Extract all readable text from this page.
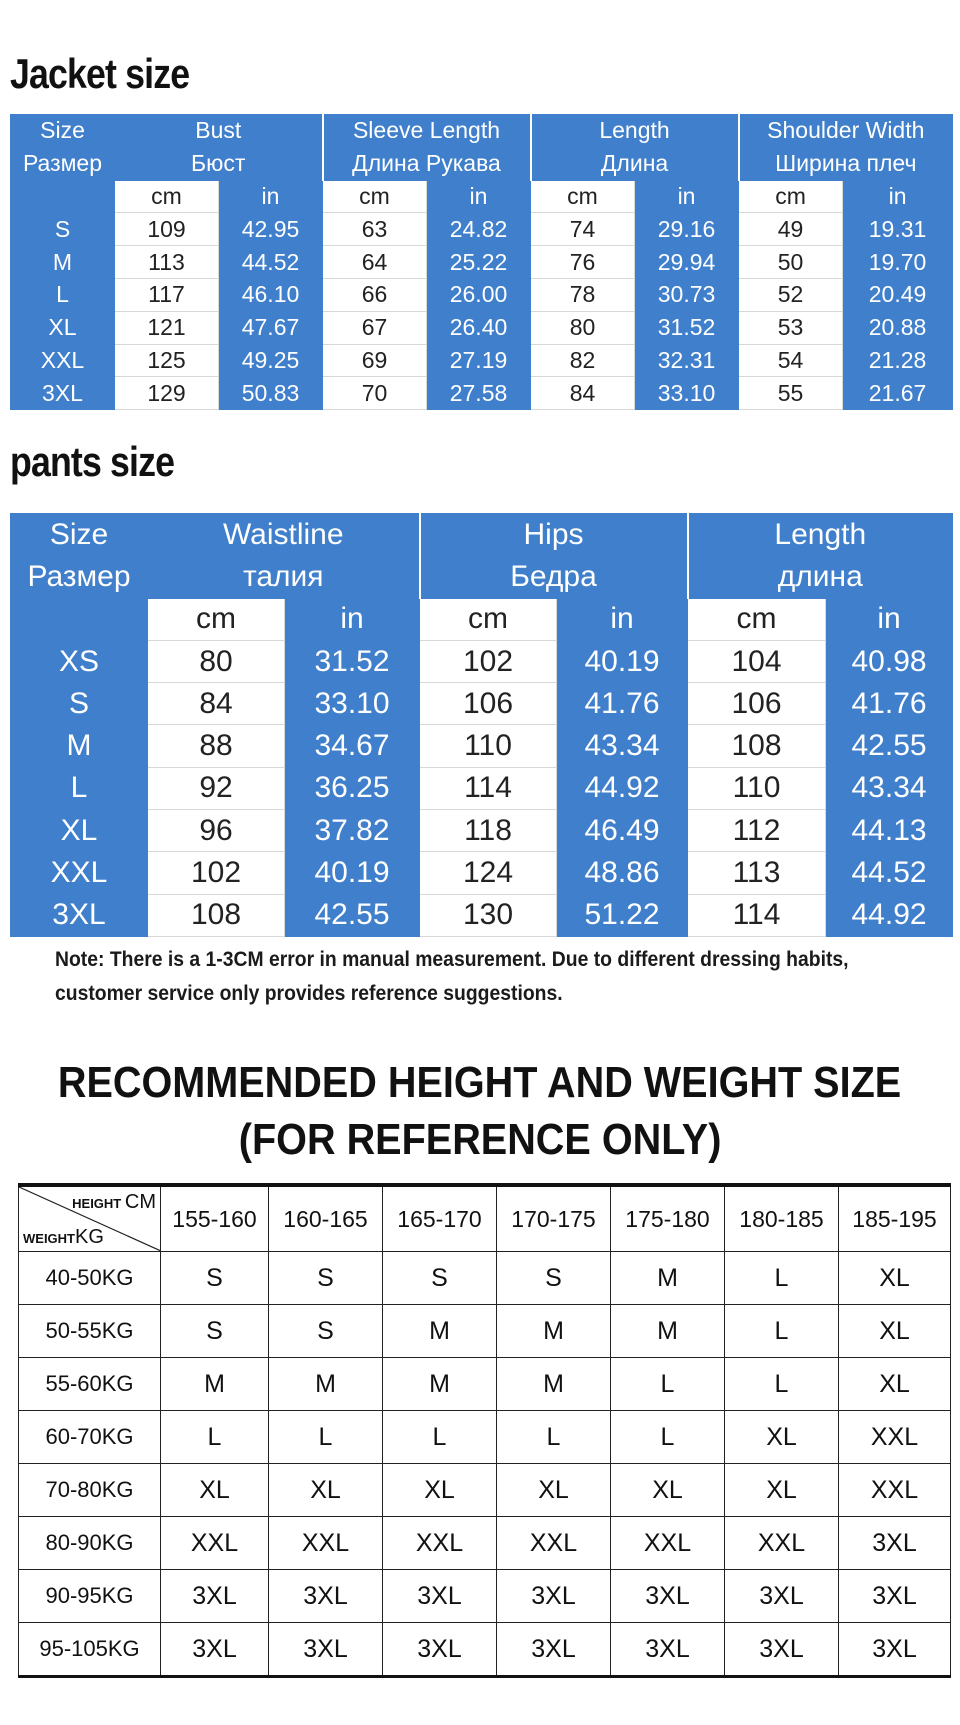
Jacket size
Size	Bust		Sleeve Length		Length		Shoulder Width	
Размер	Бюст		Длина Рукава		Длина		Ширина плеч	
	cm	in	cm	in	cm	in	cm	in
S	109	42.95	63	24.82	74	29.16	49	19.31
M	113	44.52	64	25.22	76	29.94	50	19.70
L	117	46.10	66	26.00	78	30.73	52	20.49
XL	121	47.67	67	26.40	80	31.52	53	20.88
XXL	125	49.25	69	27.19	82	32.31	54	21.28
3XL	129	50.83	70	27.58	84	33.10	55	21.67
pants size
Size	Waistline		Hips		Length	
Размер	талия		Бедра		длина	
	cm	in	cm	in	cm	in
XS	80	31.52	102	40.19	104	40.98
S	84	33.10	106	41.76	106	41.76
M	88	34.67	110	43.34	108	42.55
L	92	36.25	114	44.92	110	43.34
XL	96	37.82	118	46.49	112	44.13
XXL	102	40.19	124	48.86	113	44.52
3XL	108	42.55	130	51.22	114	44.92
Note: There is a 1-3CM error in manual measurement. Due to different dressing habits,
customer service only provides reference suggestions.
RECOMMENDED HEIGHT AND WEIGHT SIZE
(FOR REFERENCE ONLY)
HEIGHT CM
WEIGHTKG	155-160	160-165	165-170	170-175	175-180	180-185	185-195
40-50KG	S	S	S	S	M	L	XL
50-55KG	S	S	M	M	M	L	XL
55-60KG	M	M	M	M	L	L	XL
60-70KG	L	L	L	L	L	XL	XXL
70-80KG	XL	XL	XL	XL	XL	XL	XXL
80-90KG	XXL	XXL	XXL	XXL	XXL	XXL	3XL
90-95KG	3XL	3XL	3XL	3XL	3XL	3XL	3XL
95-105KG	3XL	3XL	3XL	3XL	3XL	3XL	3XL
